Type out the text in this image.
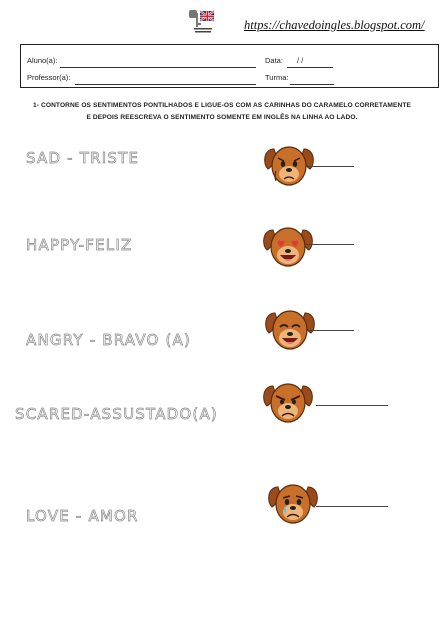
https://chavedoingles.blogspot.com/
Aluno(a):	Data: / /
Professor(a):	Turma:
1- CONTORNE OS SENTIMENTOS PONTILHADOS E LIGUE-OS COM AS CARINHAS DO CARAMELO CORRETAMENTE
E DEPOIS REESCREVA O SENTIMENTO SOMENTE EM INGLÊS NA LINHA AO LADO.
SAD - TRISTE
HAPPY-FELIZ
ANGRY - BRAVO (A)
SCARED-ASSUSTADO(A)
LOVE - AMOR
